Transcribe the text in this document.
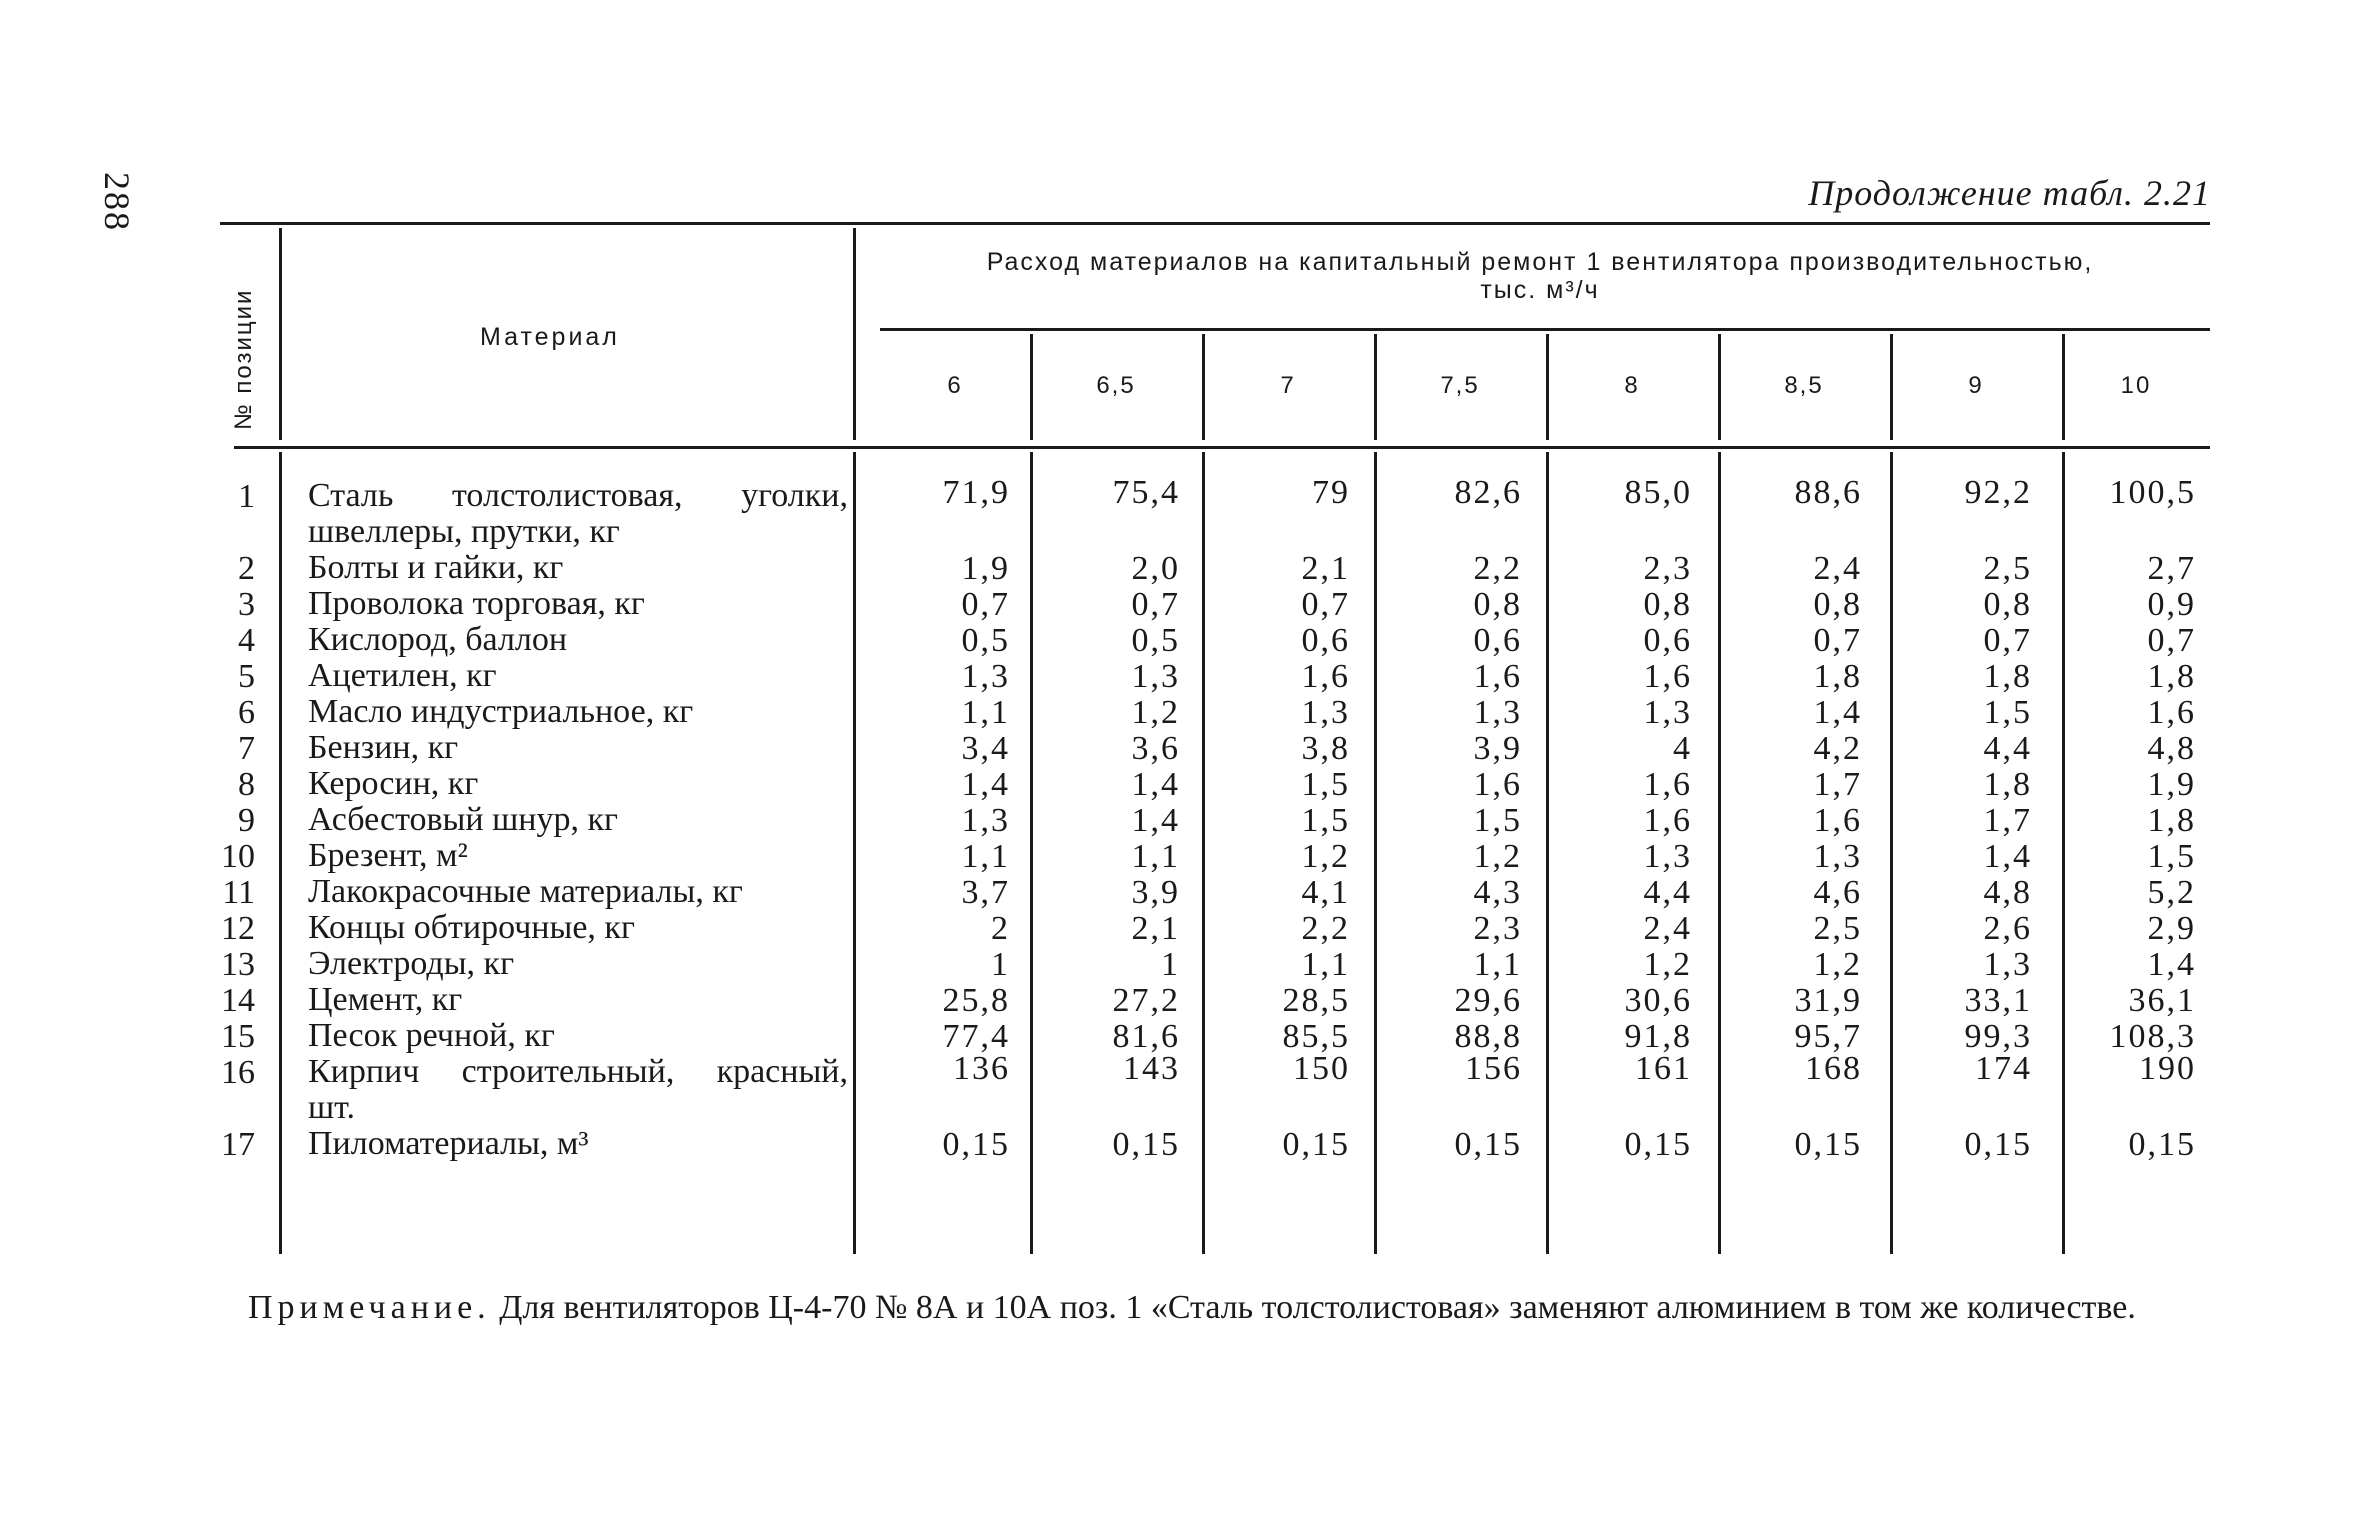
288	Продолжение табл. 2.21
№ позиции	Материал
Расход материалов на капитальный ремонт 1 вентилятора производительностью,
тыс. м³/ч
6	6,5	7	7,5	8	8,5	9	10
1 Сталь толстолистовая, уголки,
швеллеры, прутки, кг
71,9	75,4	79	82,6	85,0	88,6	92,2	100,5
2 Болты и гайки, кг	1,9	2,0	2,1	2,2	2,3	2,4	2,5	2,7
3 Проволока торговая, кг	0,7	0,7	0,7	0,8	0,8	0,8	0,8	0,9
4 Кислород, баллон	0,5	0,5	0,6	0,6	0,6	0,7	0,7	0,7
5 Ацетилен, кг	1,3	1,3	1,6	1,6	1,6	1,8	1,8	1,8
6 Масло индустриальное, кг	1,1	1,2	1,3	1,3	1,3	1,4	1,5	1,6
7 Бензин, кг	3,4	3,6	3,8	3,9	4	4,2	4,4	4,8
8 Керосин, кг	1,4	1,4	1,5	1,6	1,6	1,7	1,8	1,9
9 Асбестовый шнур, кг	1,3	1,4	1,5	1,5	1,6	1,6	1,7	1,8
10 Брезент, м²	1,1	1,1	1,2	1,2	1,3	1,3	1,4	1,5
11 Лакокрасочные материалы, кг	3,7	3,9	4,1	4,3	4,4	4,6	4,8	5,2
12 Концы обтирочные, кг	2	2,1	2,2	2,3	2,4	2,5	2,6	2,9
13 Электроды, кг	1	1	1,1	1,1	1,2	1,2	1,3	1,4
14 Цемент, кг	25,8	27,2	28,5	29,6	30,6	31,9	33,1	36,1
15 Песок речной, кг	77,4	81,6	85,5	88,8	91,8	95,7	99,3	108,3
16 Кирпич строительный, красный,
шт.
136	143	150	156	161	168	174	190
17 Пиломатериалы, м³	0,15	0,15	0,15	0,15	0,15	0,15	0,15	0,15
Примечание. Для вентиляторов Ц-4-70 № 8А и 10А поз. 1 «Сталь толстолистовая» заменяют алюминием в том же количестве.
